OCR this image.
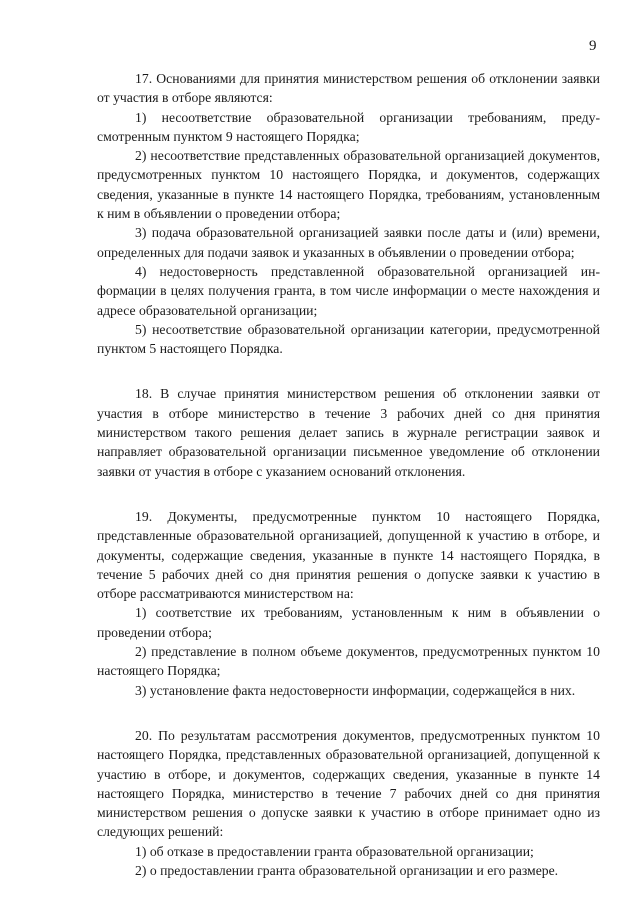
9

17. Основаниями для принятия министерством решения об отклонении заявки от участия в отборе являются:

1) несоответствие образовательной организации требованиям, предусмотренным пунктом 9 настоящего Порядка;

2) несоответствие представленных образовательной организацией документов, предусмотренных пунктом 10 настоящего Порядка, и документов, содержащих сведения, указанные в пункте 14 настоящего Порядка, требованиям, установленным к ним в объявлении о проведении отбора;

3) подача образовательной организацией заявки после даты и (или) времени, определенных для подачи заявок и указанных в объявлении о проведении отбора;

4) недостоверность представленной образовательной организацией информации в целях получения гранта, в том числе информации о месте нахождения и адресе образовательной организации;

5) несоответствие образовательной организации категории, предусмотренной пунктом 5 настоящего Порядка.

18. В случае принятия министерством решения об отклонении заявки от участия в отборе министерство в течение 3 рабочих дней со дня принятия министерством такого решения делает запись в журнале регистрации заявок и направляет образовательной организации письменное уведомление об отклонении заявки от участия в отборе с указанием оснований отклонения.

19. Документы, предусмотренные пунктом 10 настоящего Порядка, представленные образовательной организацией, допущенной к участию в отборе, и документы, содержащие сведения, указанные в пункте 14 настоящего Порядка, в течение 5 рабочих дней со дня принятия решения о допуске заявки к участию в отборе рассматриваются министерством на:

1) соответствие их требованиям, установленным к ним в объявлении о проведении отбора;

2) представление в полном объеме документов, предусмотренных пунктом 10 настоящего Порядка;

3) установление факта недостоверности информации, содержащейся в них.

20. По результатам рассмотрения документов, предусмотренных пунктом 10 настоящего Порядка, представленных образовательной организацией, допущенной к участию в отборе, и документов, содержащих сведения, указанные в пункте 14 настоящего Порядка, министерство в течение 7 рабочих дней со дня принятия министерством решения о допуске заявки к участию в отборе принимает одно из следующих решений:

1) об отказе в предоставлении гранта образовательной организации;

2) о предоставлении гранта образовательной организации и его размере.
